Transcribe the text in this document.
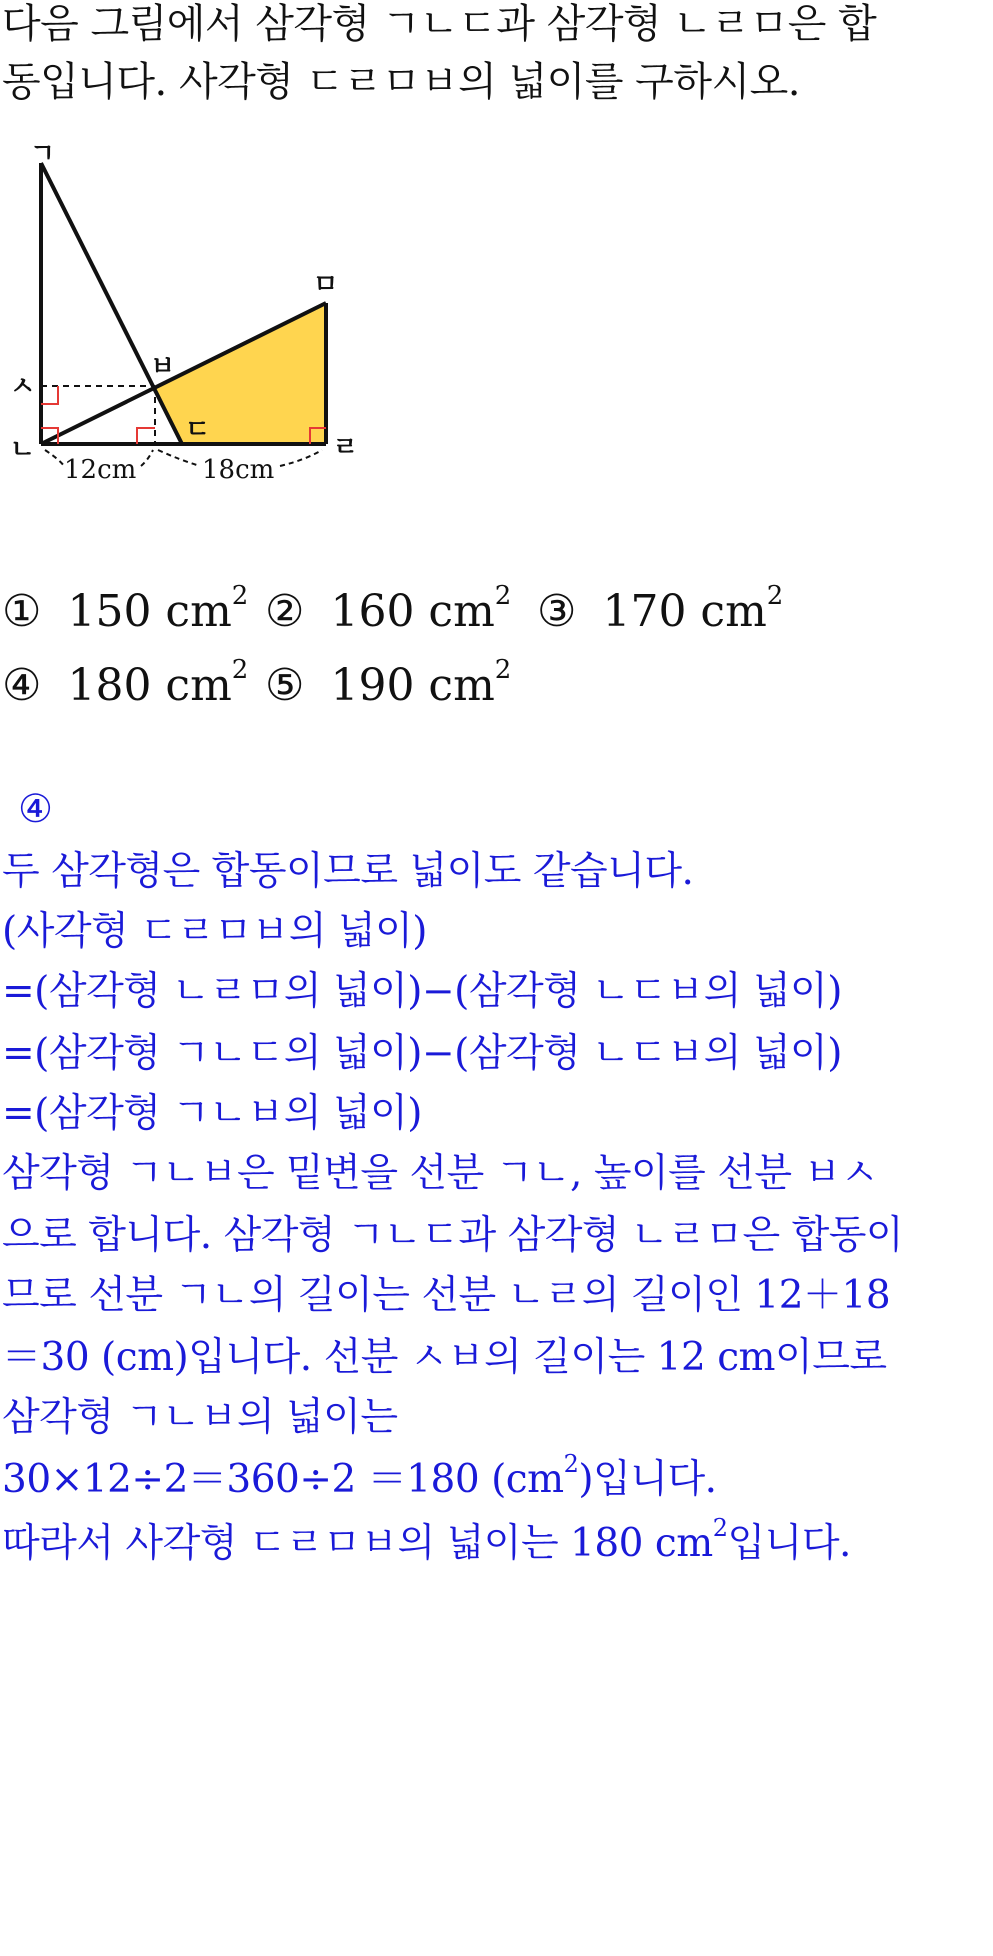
다음 그림에서 삼각형 ㄱㄴㄷ과 삼각형 ㄴㄹㅁ은 합
동입니다. 사각형 ㄷㄹㅁㅂ의 넓이를 구하시오.
ㄱ
ㅅ
ㄴ
ㅂ
ㄷ
ㅁ
ㄹ
12cm	18cm
① 150 $cm^2$ ② 160 $cm^2$ ③ 170 $cm^2$
④ 180 $cm^2$ ⑤ 190 $cm^2$
④
두 삼각형은 합동이므로 넓이도 같습니다.
(사각형 ㄷㄹㅁㅂ의 넓이)
=(삼각형 ㄴㄹㅁ의 넓이)−(삼각형 ㄴㄷㅂ의 넓이)
=(삼각형 ㄱㄴㄷ의 넓이)−(삼각형 ㄴㄷㅂ의 넓이)
=(삼각형 ㄱㄴㅂ의 넓이)
삼각형 ㄱㄴㅂ은 밑변을 선분 ㄱㄴ, 높이를 선분 ㅂㅅ
으로 합니다. 삼각형 ㄱㄴㄷ과 삼각형 ㄴㄹㅁ은 합동이
므로 선분 ㄱㄴ의 길이는 선분 ㄴㄹ의 길이인 12＋18
＝30 (cm)입니다. 선분 ㅅㅂ의 길이는 12 cm이므로
삼각형 ㄱㄴㅂ의 넓이는
30×12÷2＝360÷2 ＝180 $(cm^2)$입니다.
따라서 사각형 ㄷㄹㅁㅂ의 넓이는 180 $cm^2$입니다.
